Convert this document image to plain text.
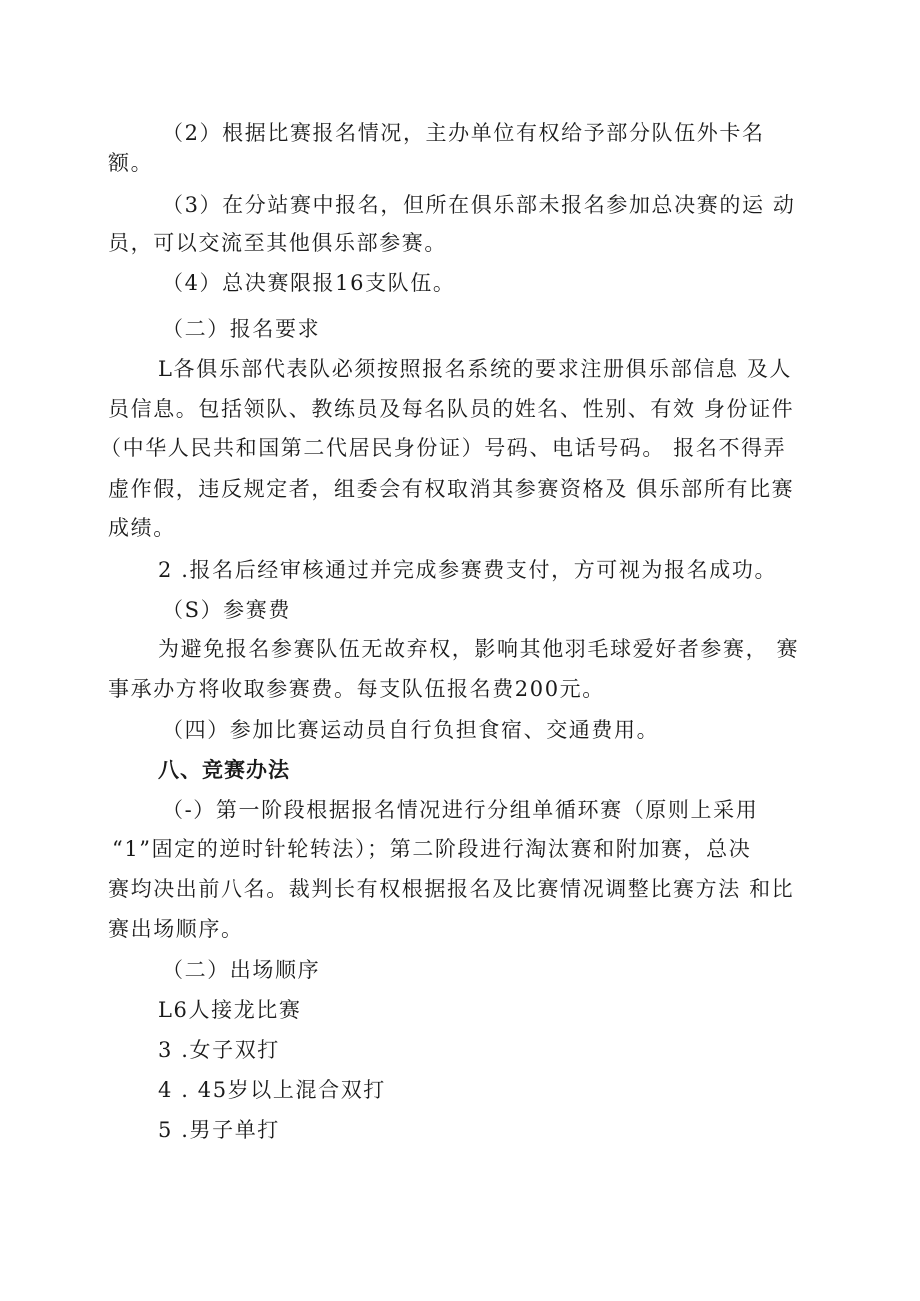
（2）根据比赛报名情况，主办单位有权给予部分队伍外卡名

额。

（3）在分站赛中报名，但所在俱乐部未报名参加总决赛的运 动

员，可以交流至其他俱乐部参赛。

（4）总决赛限报16支队伍。

（二）报名要求

L各俱乐部代表队必须按照报名系统的要求注册俱乐部信息 及人

员信息。包括领队、教练员及每名队员的姓名、性别、有效 身份证件

（中华人民共和国第二代居民身份证）号码、电话号码。 报名不得弄

虚作假，违反规定者，组委会有权取消其参赛资格及 俱乐部所有比赛

成绩。

2 .报名后经审核通过并完成参赛费支付，方可视为报名成功。

（S）参赛费

为避免报名参赛队伍无故弃权，影响其他羽毛球爱好者参赛， 赛

事承办方将收取参赛费。每支队伍报名费200元。

（四）参加比赛运动员自行负担食宿、交通费用。

八、竞赛办法

（-）第一阶段根据报名情况进行分组单循环赛（原则上采用

“1”固定的逆时针轮转法）；第二阶段进行淘汰赛和附加赛，总决

赛均决出前八名。裁判长有权根据报名及比赛情况调整比赛方法 和比

赛出场顺序。

（二）出场顺序

L6人接龙比赛

3 .女子双打

4 . 45岁以上混合双打

5 .男子单打
